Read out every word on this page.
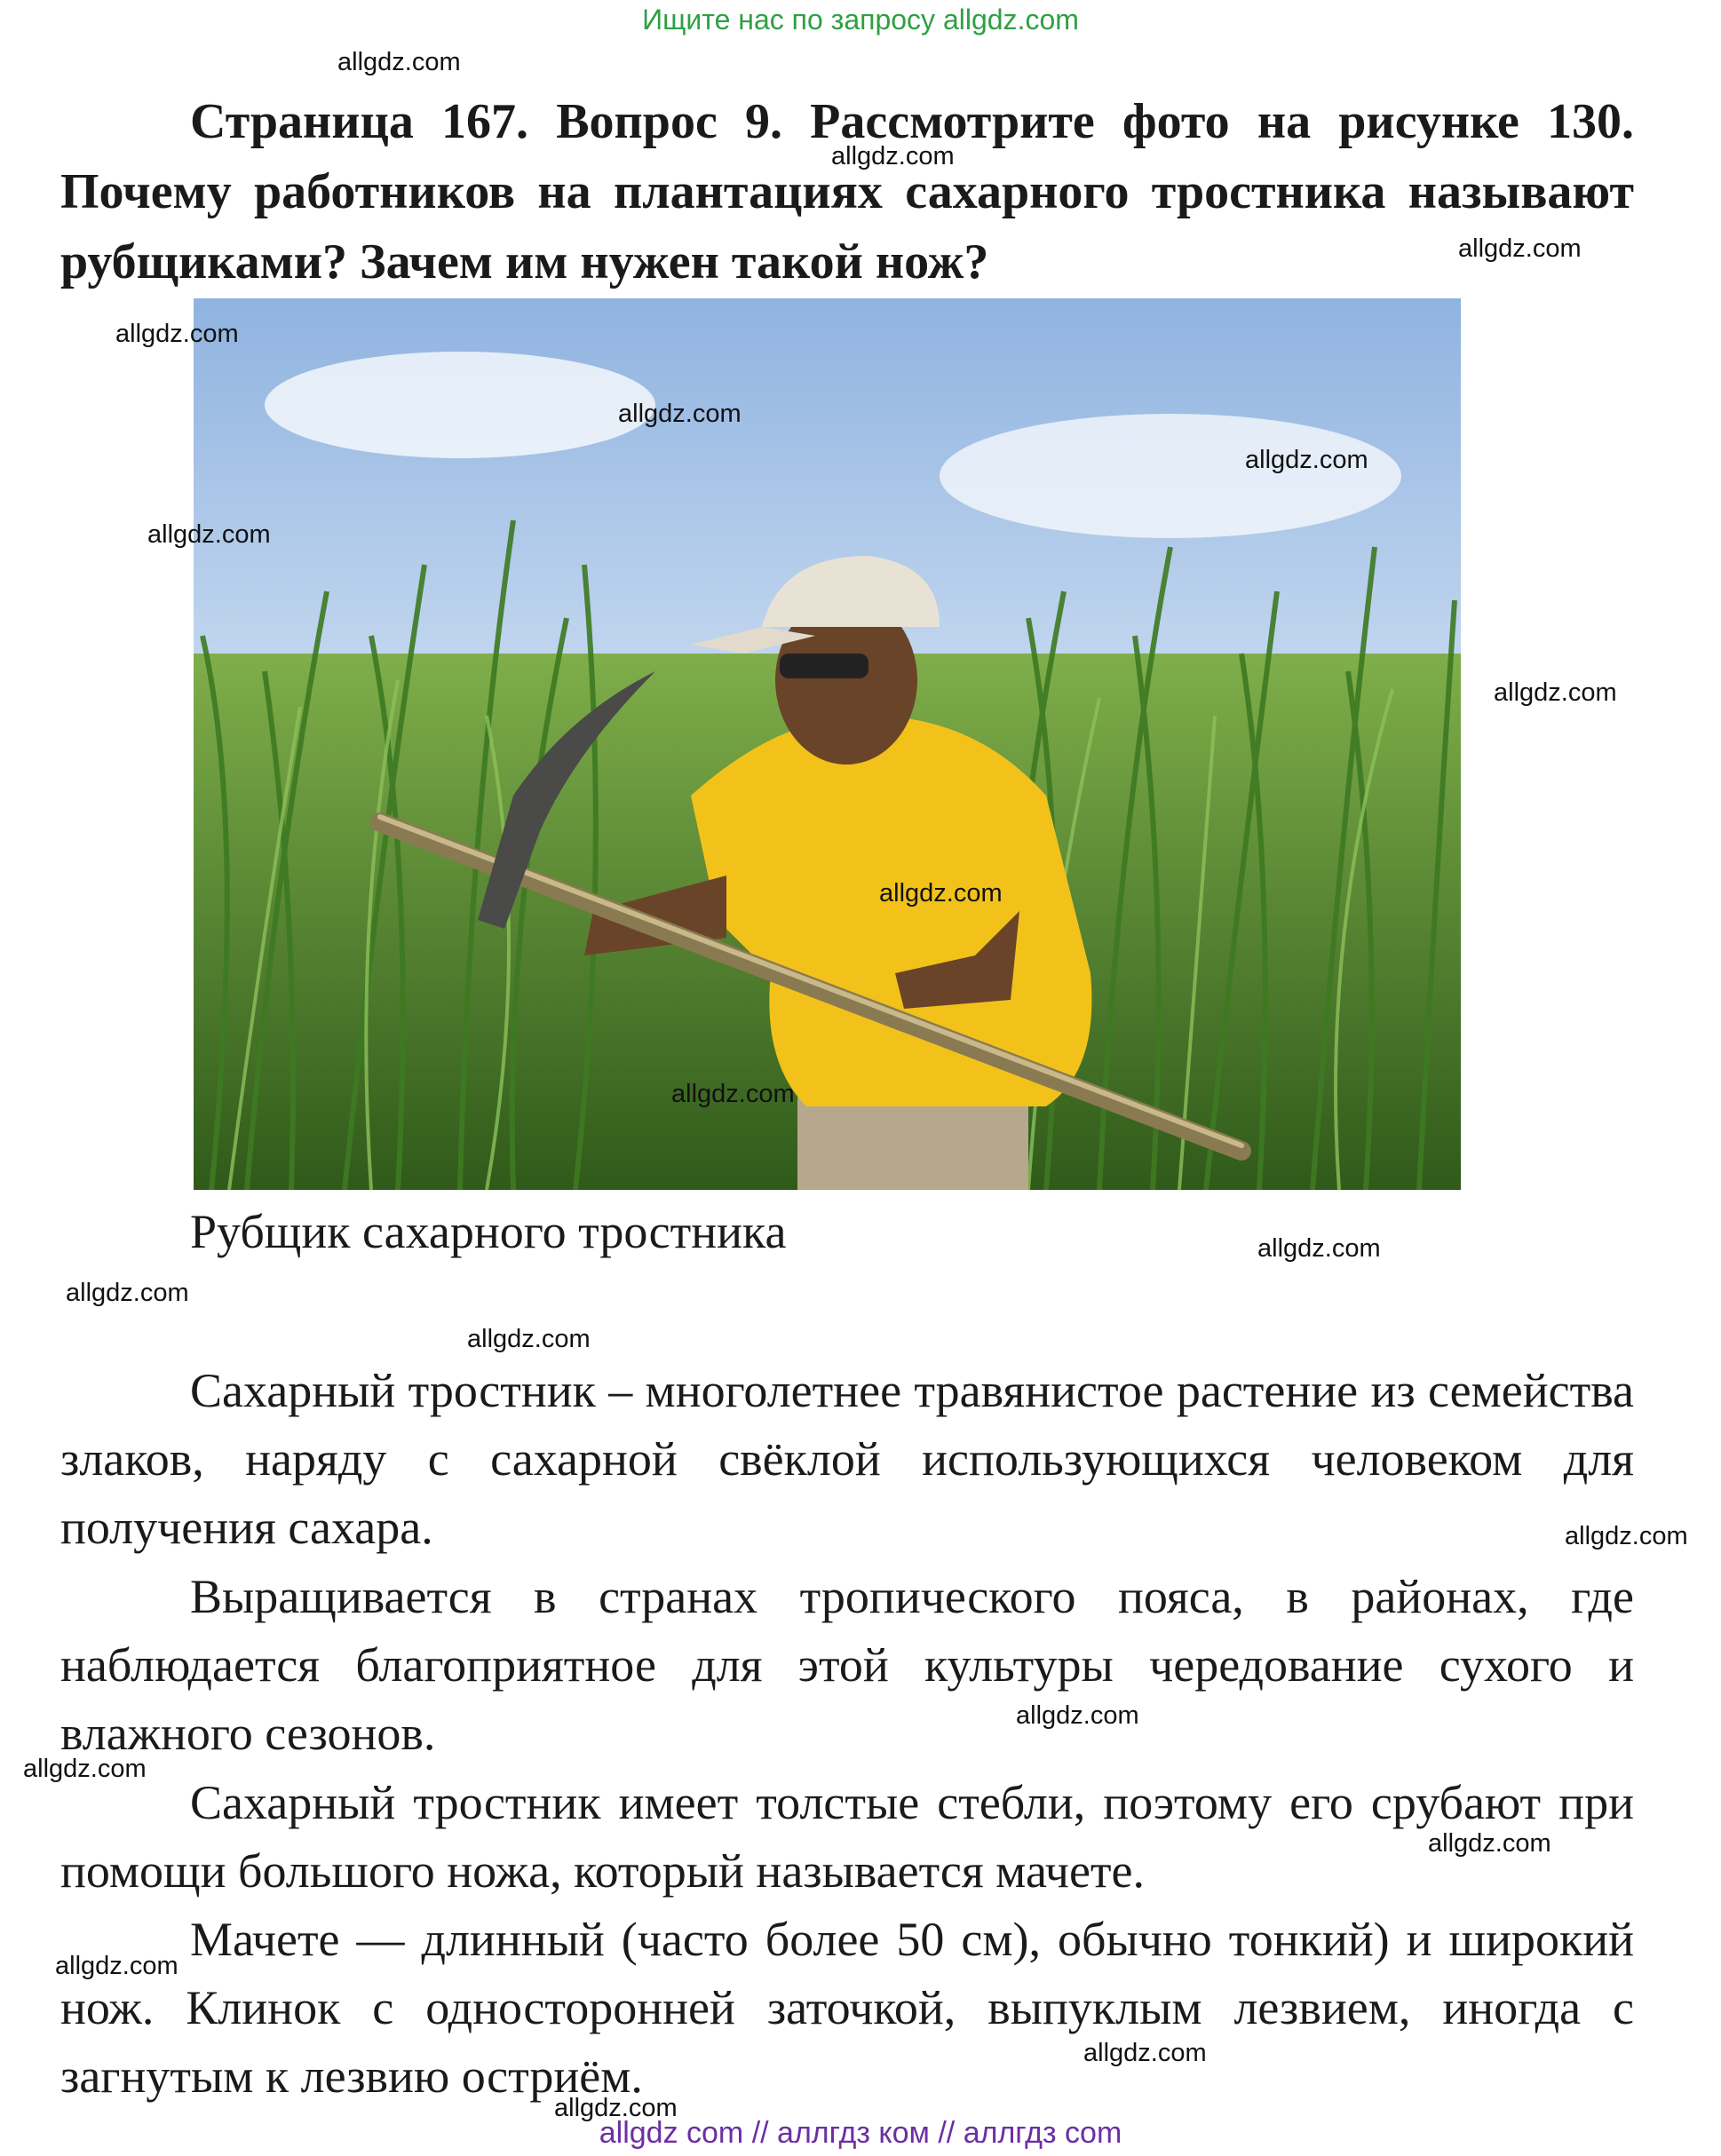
Ищите нас по запросу allgdz.com
Страница 167. Вопрос 9. Рассмотрите фото на рисунке 130. Почему работников на плантациях сахарного тростника называют рубщиками? Зачем им нужен такой нож?
Рубщик сахарного тростника
Сахарный тростник – многолетнее травянистое растение из семейства злаков, наряду с сахарной свёклой использующихся человеком для получения сахара.
Выращивается в странах тропического пояса, в районах, где наблюдается благоприятное для этой культуры чередование сухого и влажного сезонов.
Сахарный тростник имеет толстые стебли, поэтому его срубают при помощи большого ножа, который называется мачете.
Мачете — длинный (часто более 50 см), обычно тонкий) и широкий нож. Клинок с односторонней заточкой, выпуклым лезвием, иногда с загнутым к лезвию остриём.
allgdz.com
allgdz.com
allgdz.com
allgdz.com
allgdz.com
allgdz.com
allgdz.com
allgdz.com
allgdz.com
allgdz.com
allgdz.com
allgdz.com
allgdz.com
allgdz.com
allgdz.com
allgdz.com
allgdz.com
allgdz.com
allgdz.com
allgdz.com
allgdz com // аллгдз ком // аллгдз com
